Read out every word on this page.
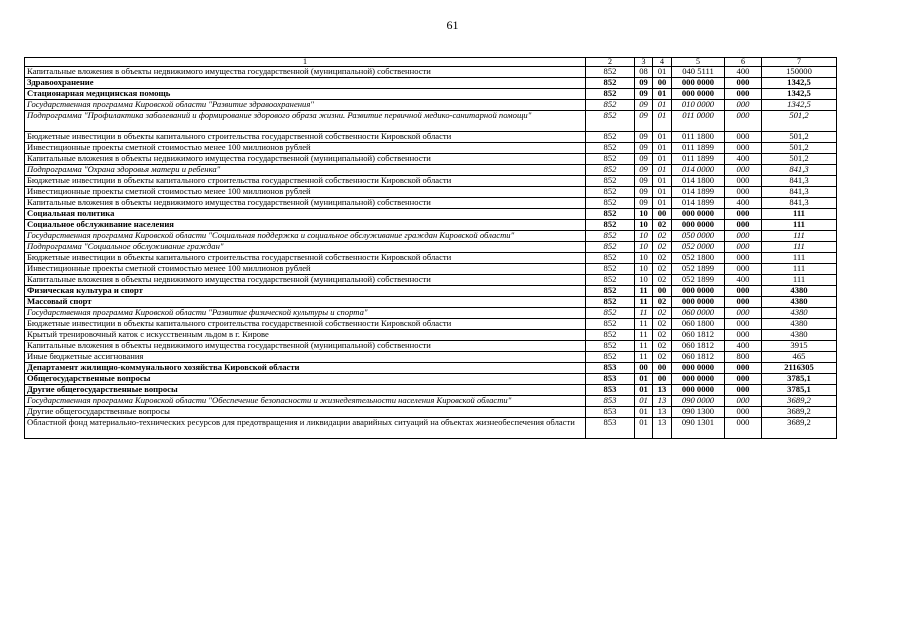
61
1	2	3	4	5	6	7
Капитальные вложения в объекты недвижимого имущества государственной (муниципальной) собственности	852	08	01	040 5111	400	150000
Здравоохранение	852	09	00	000 0000	000	1342,5
Стационарная медицинская помощь	852	09	01	000 0000	000	1342,5
Государственная программа Кировской области "Развитие здравоохранения"	852	09	01	010 0000	000	1342,5
Подпрограмма "Профилактика заболеваний и формирование здорового образа жизни. Развитие первичной медико-санитарной помощи"	852	09	01	011 0000	000	501,2
Бюджетные инвестиции в объекты капитального строительства государственной собственности Кировской области	852	09	01	011 1800	000	501,2
Инвестиционные проекты сметной стоимостью менее 100 миллионов рублей	852	09	01	011 1899	000	501,2
Капитальные вложения в объекты недвижимого имущества государственной (муниципальной) собственности	852	09	01	011 1899	400	501,2
Подпрограмма "Охрана здоровья матери и ребенка"	852	09	01	014 0000	000	841,3
Бюджетные инвестиции в объекты капитального строительства государственной собственности Кировской области	852	09	01	014 1800	000	841,3
Инвестиционные проекты сметной стоимостью менее 100 миллионов рублей	852	09	01	014 1899	000	841,3
Капитальные вложения в объекты недвижимого имущества государственной (муниципальной) собственности	852	09	01	014 1899	400	841,3
Социальная политика	852	10	00	000 0000	000	111
Социальное обслуживание населения	852	10	02	000 0000	000	111
Государственная программа Кировской области "Социальная поддержка и социальное обслуживание граждан Кировской области"	852	10	02	050 0000	000	111
Подпрограмма "Социальное обслуживание граждан"	852	10	02	052 0000	000	111
Бюджетные инвестиции в объекты капитального строительства государственной собственности Кировской области	852	10	02	052 1800	000	111
Инвестиционные проекты сметной стоимостью менее 100 миллионов рублей	852	10	02	052 1899	000	111
Капитальные вложения в объекты недвижимого имущества государственной (муниципальной) собственности	852	10	02	052 1899	400	111
Физическая культура и спорт	852	11	00	000 0000	000	4380
Массовый спорт	852	11	02	000 0000	000	4380
Государственная программа Кировской области "Развитие физической культуры и спорта"	852	11	02	060 0000	000	4380
Бюджетные инвестиции в объекты капитального строительства государственной собственности Кировской области	852	11	02	060 1800	000	4380
Крытый тренировочный каток с искусственным льдом в г. Кирове	852	11	02	060 1812	000	4380
Капитальные вложения в объекты недвижимого имущества государственной (муниципальной) собственности	852	11	02	060 1812	400	3915
Иные бюджетные ассигнования	852	11	02	060 1812	800	465
Департамент жилищно-коммунального хозяйства Кировской области	853	00	00	000 0000	000	2116305
Общегосударственные вопросы	853	01	00	000 0000	000	3785,1
Другие общегосударственные вопросы	853	01	13	000 0000	000	3785,1
Государственная программа Кировской области "Обеспечение безопасности и жизнедеятельности населения Кировской области"	853	01	13	090 0000	000	3689,2
Другие общегосударственные вопросы	853	01	13	090 1300	000	3689,2
Областной фонд материально-технических ресурсов для предотвращения и ликвидации аварийных ситуаций на объектах жизнеобеспечения области	853	01	13	090 1301	000	3689,2
